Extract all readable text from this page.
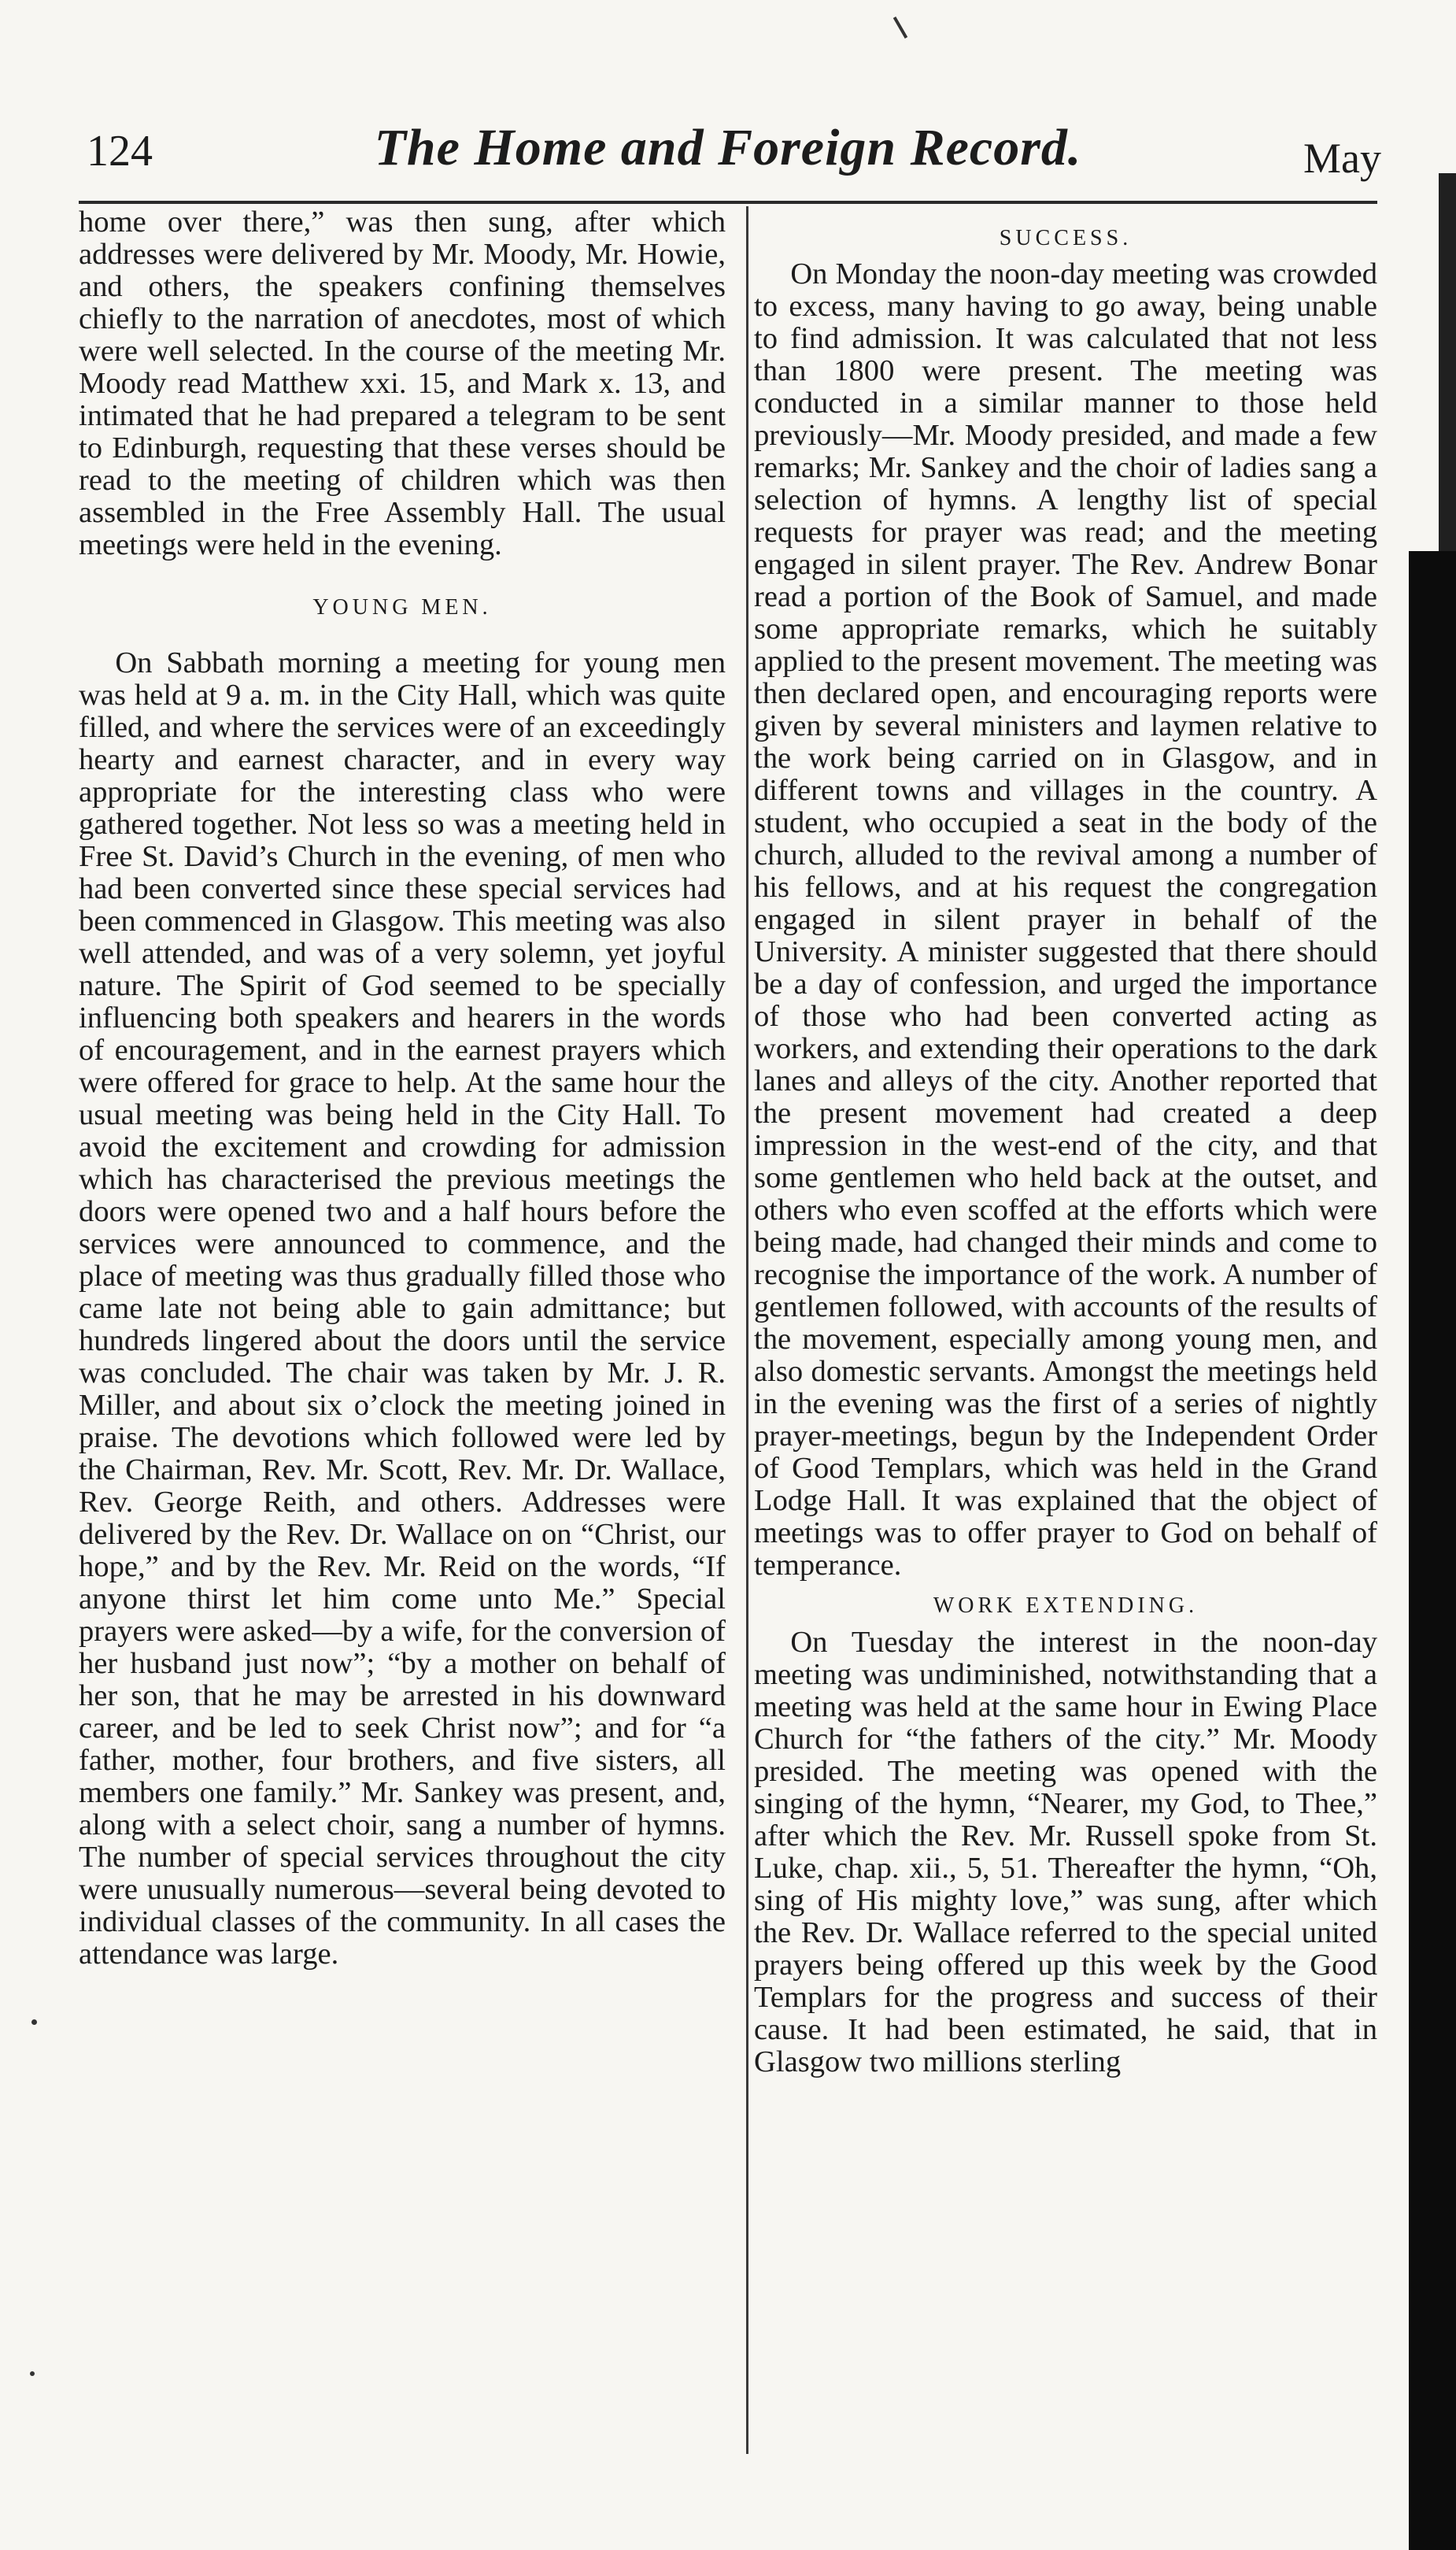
124	The Home and Foreign Record.	May

home over there,” was then sung, after which addresses were delivered by Mr. Moody, Mr. Howie, and others, the speakers confining themselves chiefly to the narration of anecdotes, most of which were well selected. In the course of the meeting Mr. Moody read Matthew xxi. 15, and Mark x. 13, and intimated that he had prepared a telegram to be sent to Edinburgh, requesting that these verses should be read to the meeting of children which was then assembled in the Free Assembly Hall. The usual meetings were held in the evening.

YOUNG MEN.

On Sabbath morning a meeting for young men was held at 9 a. m. in the City Hall, which was quite filled, and where the services were of an exceedingly hearty and earnest character, and in every way appropriate for the interesting class who were gathered together. Not less so was a meeting held in Free St. David’s Church in the evening, of men who had been converted since these special services had been commenced in Glasgow. This meeting was also well attended, and was of a very solemn, yet joyful nature. The Spirit of God seemed to be specially influencing both speakers and hearers in the words of encouragement, and in the earnest prayers which were offered for grace to help. At the same hour the usual meeting was being held in the City Hall. To avoid the excitement and crowding for admission which has characterised the previous meetings the doors were opened two and a half hours before the services were announced to commence, and the place of meeting was thus gradually filled those who came late not being able to gain admittance; but hundreds lingered about the doors until the service was concluded. The chair was taken by Mr. J. R. Miller, and about six o’clock the meeting joined in praise. The devotions which followed were led by the Chairman, Rev. Mr. Scott, Rev. Mr. Dr. Wallace, Rev. George Reith, and others. Addresses were delivered by the Rev. Dr. Wallace on on “Christ, our hope,” and by the Rev. Mr. Reid on the words, “If anyone thirst let him come unto Me.” Special prayers were asked—by a wife, for the conversion of her husband just now”; “by a mother on behalf of her son, that he may be arrested in his downward career, and be led to seek Christ now”; and for “a father, mother, four brothers, and five sisters, all members one family.” Mr. Sankey was present, and, along with a select choir, sang a number of hymns. The number of special services throughout the city were unusually numerous—several being devoted to individual classes of the community. In all cases the attendance was large.

SUCCESS.

On Monday the noon-day meeting was crowded to excess, many having to go away, being unable to find admission. It was calculated that not less than 1800 were present. The meeting was conducted in a similar manner to those held previously—Mr. Moody presided, and made a few remarks; Mr. Sankey and the choir of ladies sang a selection of hymns. A lengthy list of special requests for prayer was read; and the meeting engaged in silent prayer. The Rev. Andrew Bonar read a portion of the Book of Samuel, and made some appropriate remarks, which he suitably applied to the present movement. The meeting was then declared open, and encouraging reports were given by several ministers and laymen relative to the work being carried on in Glasgow, and in different towns and villages in the country. A student, who occupied a seat in the body of the church, alluded to the revival among a number of his fellows, and at his request the congregation engaged in silent prayer in behalf of the University. A minister suggested that there should be a day of confession, and urged the importance of those who had been converted acting as workers, and extending their operations to the dark lanes and alleys of the city. Another reported that the present movement had created a deep impression in the west-end of the city, and that some gentlemen who held back at the outset, and others who even scoffed at the efforts which were being made, had changed their minds and come to recognise the importance of the work. A number of gentlemen followed, with accounts of the results of the movement, especially among young men, and also domestic servants. Amongst the meetings held in the evening was the first of a series of nightly prayer-meetings, begun by the Independent Order of Good Templars, which was held in the Grand Lodge Hall. It was explained that the object of meetings was to offer prayer to God on behalf of temperance.

WORK EXTENDING.

On Tuesday the interest in the noon-day meeting was undiminished, notwithstanding that a meeting was held at the same hour in Ewing Place Church for “the fathers of the city.” Mr. Moody presided. The meeting was opened with the singing of the hymn, “Nearer, my God, to Thee,” after which the Rev. Mr. Russell spoke from St. Luke, chap. xii., 5, 51. Thereafter the hymn, “Oh, sing of His mighty love,” was sung, after which the Rev. Dr. Wallace referred to the special united prayers being offered up this week by the Good Templars for the progress and success of their cause. It had been estimated, he said, that in Glasgow two millions sterling
